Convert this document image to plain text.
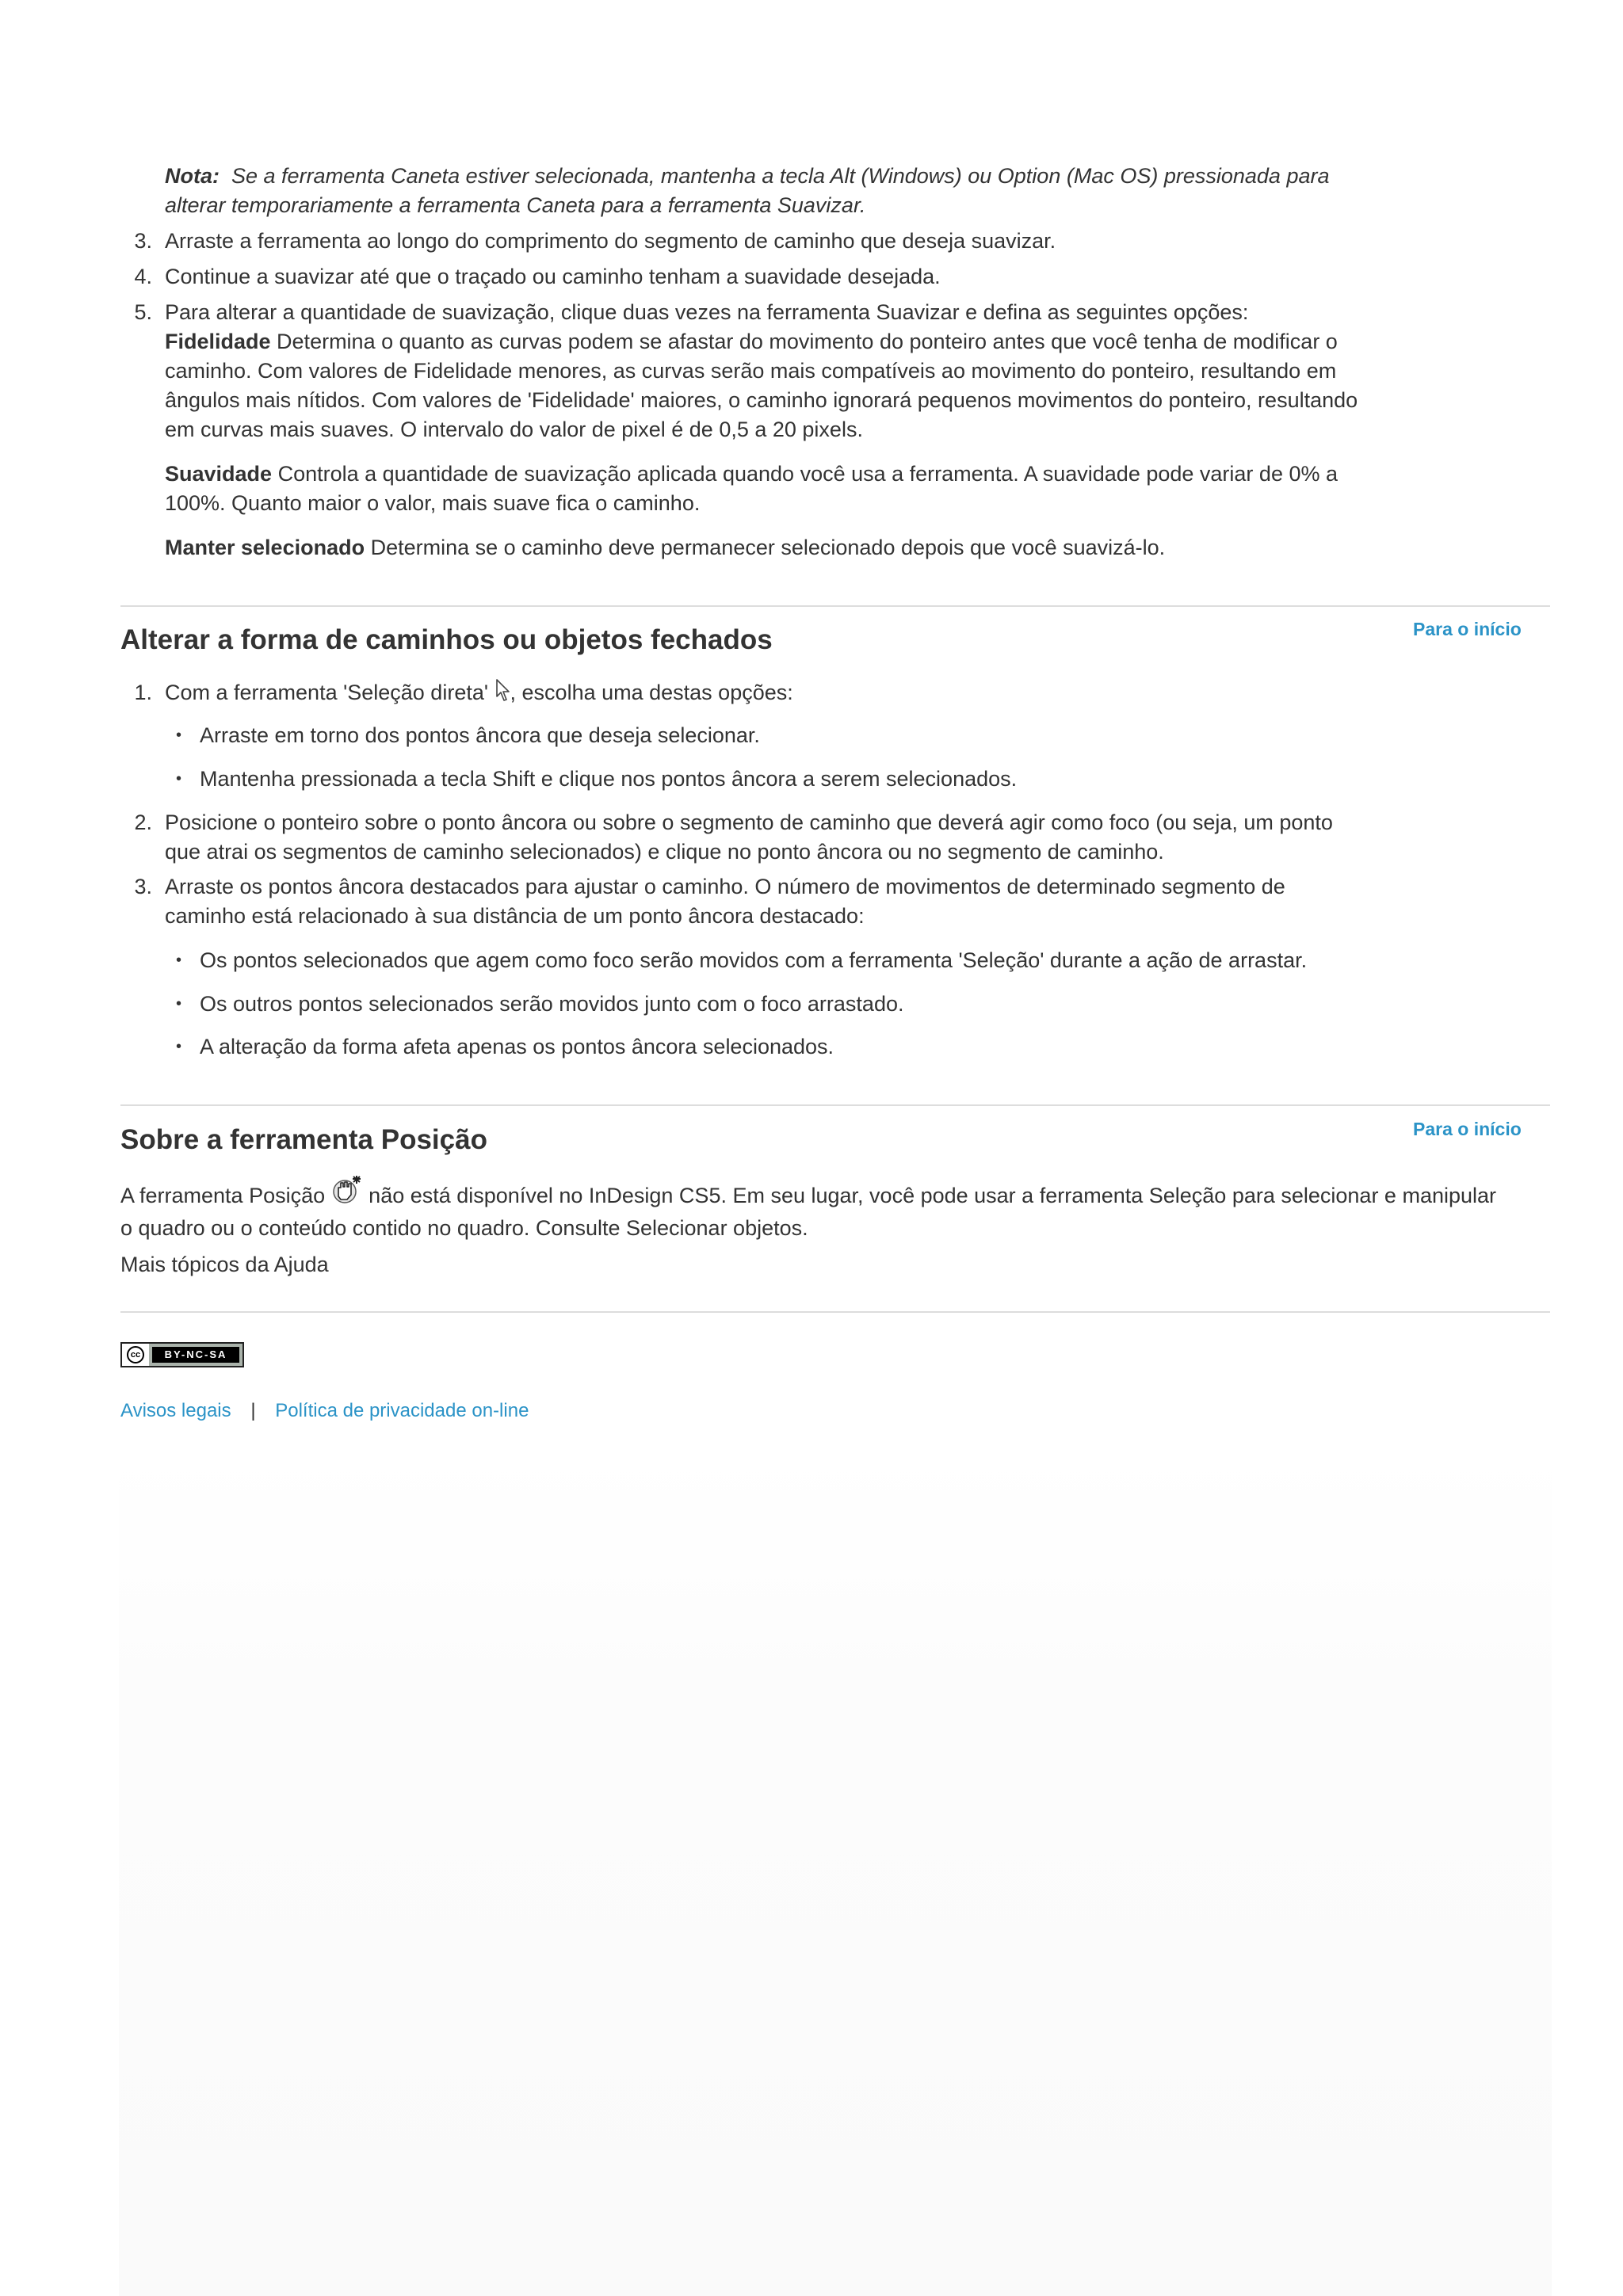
Nota: Se a ferramenta Caneta estiver selecionada, mantenha a tecla Alt (Windows) ou Option (Mac OS) pressionada para
alterar temporariamente a ferramenta Caneta para a ferramenta Suavizar.
3. Arraste a ferramenta ao longo do comprimento do segmento de caminho que deseja suavizar.
4. Continue a suavizar até que o traçado ou caminho tenham a suavidade desejada.
5. Para alterar a quantidade de suavização, clique duas vezes na ferramenta Suavizar e defina as seguintes opções:
Fidelidade Determina o quanto as curvas podem se afastar do movimento do ponteiro antes que você tenha de modificar o
caminho. Com valores de Fidelidade menores, as curvas serão mais compatíveis ao movimento do ponteiro, resultando em
ângulos mais nítidos. Com valores de 'Fidelidade' maiores, o caminho ignorará pequenos movimentos do ponteiro, resultando
em curvas mais suaves. O intervalo do valor de pixel é de 0,5 a 20 pixels.
Suavidade Controla a quantidade de suavização aplicada quando você usa a ferramenta. A suavidade pode variar de 0% a
100%. Quanto maior o valor, mais suave fica o caminho.
Manter selecionado Determina se o caminho deve permanecer selecionado depois que você suavizá-lo.
Alterar a forma de caminhos ou objetos fechados	Para o início
1. Com a ferramenta 'Seleção direta' , escolha uma destas opções:
• Arraste em torno dos pontos âncora que deseja selecionar.
• Mantenha pressionada a tecla Shift e clique nos pontos âncora a serem selecionados.
2. Posicione o ponteiro sobre o ponto âncora ou sobre o segmento de caminho que deverá agir como foco (ou seja, um ponto
que atrai os segmentos de caminho selecionados) e clique no ponto âncora ou no segmento de caminho.
3. Arraste os pontos âncora destacados para ajustar o caminho. O número de movimentos de determinado segmento de
caminho está relacionado à sua distância de um ponto âncora destacado:
• Os pontos selecionados que agem como foco serão movidos com a ferramenta 'Seleção' durante a ação de arrastar.
• Os outros pontos selecionados serão movidos junto com o foco arrastado.
• A alteração da forma afeta apenas os pontos âncora selecionados.
Sobre a ferramenta Posição	Para o início
A ferramenta Posição não está disponível no InDesign CS5. Em seu lugar, você pode usar a ferramenta Seleção para selecionar e manipular
o quadro ou o conteúdo contido no quadro. Consulte Selecionar objetos.
Mais tópicos da Ajuda
cc	BY-NC-SA
Avisos legais | Política de privacidade on-line
